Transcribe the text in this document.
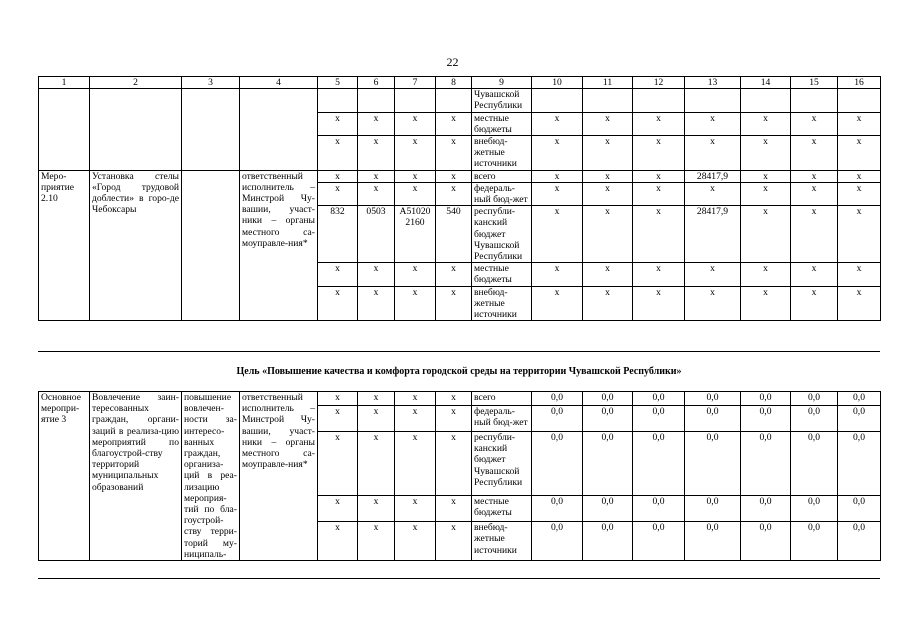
22
1	2	3	4	5	6	7	8	9	10	11	12	13	14	15	16
								Чувашской Республики							
				x	x	x	x	местные бюджеты	x	x	x	x	x	x	x
				x	x	x	x	внебюд-жетные источники	x	x	x	x	x	x	x
Меро-приятие 2.10	Установка стелы «Город трудовой доблести» в горо-де Чебоксары		ответственный исполнитель – Минстрой Чу-вашии, участ-ники – органы местного са-моуправле-ния*	x	x	x	x	всего	x	x	x	28417,9	x	x	x
				x	x	x	x	федераль-ный бюд-жет	x	x	x	x	x	x	x
				832	0503	А51020 2160	540	республи-канский бюджет Чувашской Республики	x	x	x	28417,9	x	x	x
				x	x	x	x	местные бюджеты	x	x	x	x	x	x	x
				x	x	x	x	внебюд-жетные источники	x	x	x	x	x	x	x
Цель «Повышение качества и комфорта городской среды на территории Чувашской Республики»
Основное меропри-ятие 3	Вовлечение заин-тересованных граждан, органи-заций в реализа-цию мероприятий по благоустрой-ству территорий муниципальных образований	повышение вовлечен-ности за-интересо-ванных граждан, организа-ций в реа-лизацию мероприя-тий по бла-гоустрой-ству терри-торий му-ниципаль-	ответственный исполнитель – Минстрой Чу-вашии, участ-ники – органы местного са-моуправле-ния*	x	x	x	x	всего	0,0	0,0	0,0	0,0	0,0	0,0	0,0
				x	x	x	x	федераль-ный бюд-жет	0,0	0,0	0,0	0,0	0,0	0,0	0,0
				x	x	x	x	республи-канский бюджет Чувашской Республики	0,0	0,0	0,0	0,0	0,0	0,0	0,0
				x	x	x	x	местные бюджеты	0,0	0,0	0,0	0,0	0,0	0,0	0,0
				x	x	x	x	внебюд-жетные источники	0,0	0,0	0,0	0,0	0,0	0,0	0,0
